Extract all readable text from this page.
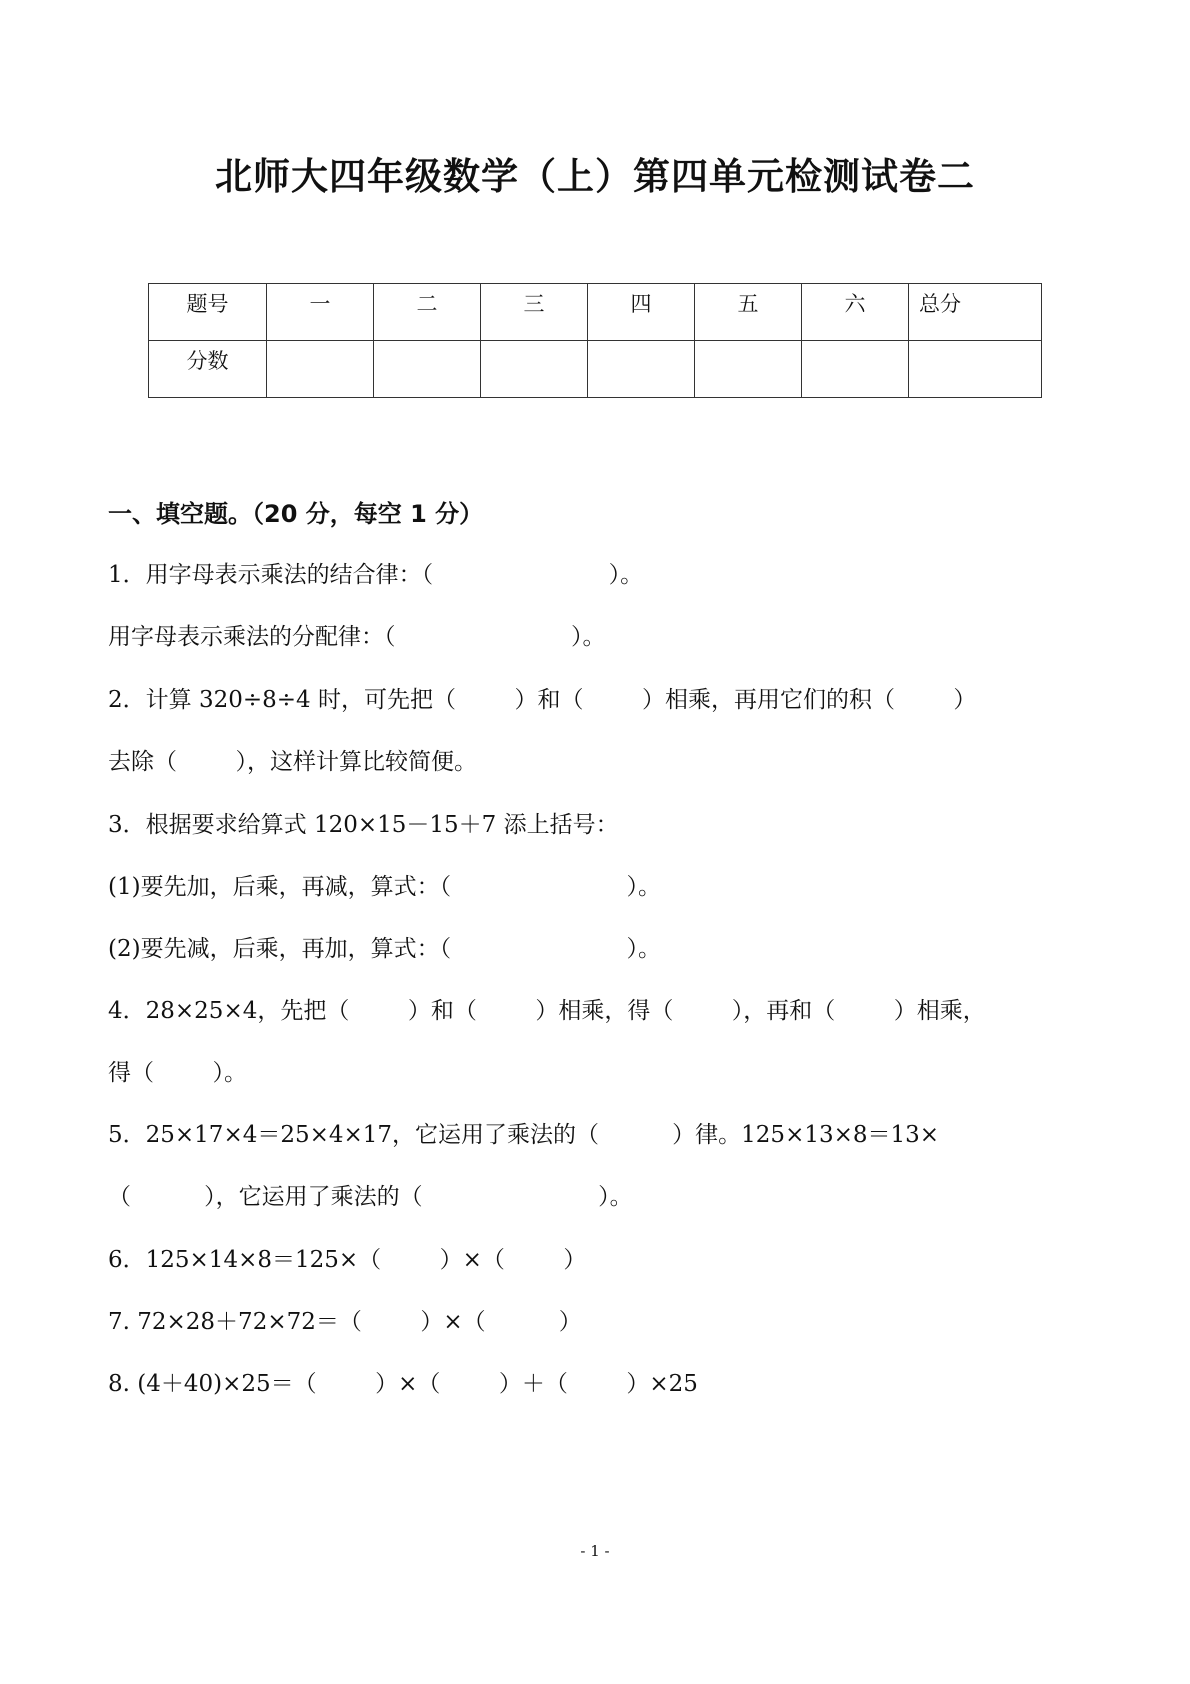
北师大四年级数学（上）第四单元检测试卷二
题号	一	二	三	四	五	六	总分
分数							
一、填空题。（20 分，每空 1 分）
1．用字母表示乘法的结合律：（                        ）。
用字母表示乘法的分配律：（                        ）。
2．计算 320÷8÷4 时，可先把（        ）和（        ）相乘，再用它们的积（        ）
去除（        ），这样计算比较简便。
3．根据要求给算式 120×15－15＋7 添上括号：
(1)要先加，后乘，再减，算式：（                        ）。
(2)要先减，后乘，再加，算式：（                        ）。
4．28×25×4，先把（        ）和（        ）相乘，得（        ），再和（        ）相乘，
得（        ）。
5．25×17×4＝25×4×17，它运用了乘法的（          ）律。125×13×8＝13×
（          ），它运用了乘法的（                        ）。
6．125×14×8＝125×（        ）×（        ）
7. 72×28＋72×72＝（        ）×（          ）
8. (4＋40)×25＝（        ）×（        ）＋（        ）×25
- 1 -
